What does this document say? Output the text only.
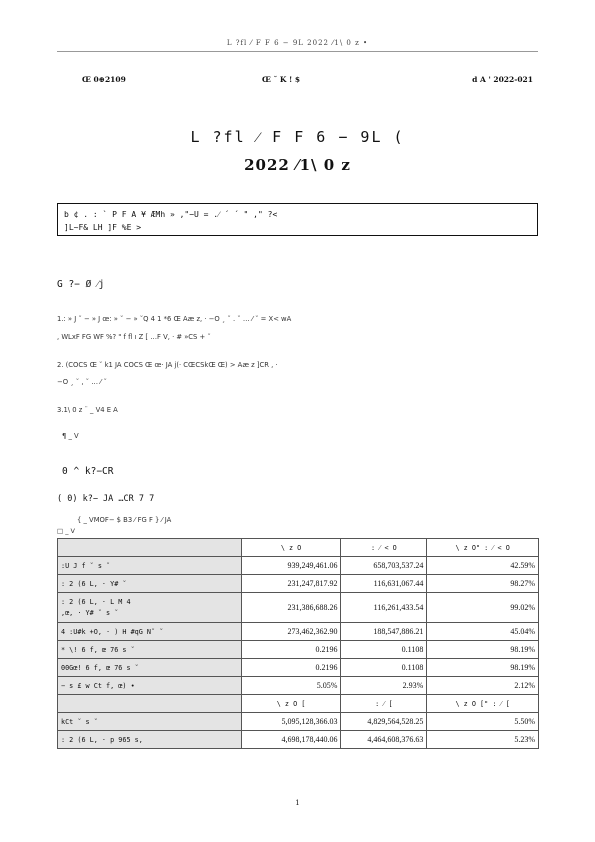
L ?fl ⁄ F F 6 − 9L 2022 ⁄1\ 0 z •
Œ 0⊕2109	Œ ˘ K ! $	d A ' 2022-021
L ?fl ⁄ F F 6 − 9L (
2022 ⁄1\ 0 z
b ¢ . : ` P F A ¥ ÆMh » ,"−U = .⁄ ´ ´ " ," ?<
]L~F& LH ]F %E >
G ?− Ø ⁄j
1.: » J ˘ − » J œ: » ˘ − » ˘Q 4 1 *6 Œ Aæ z, · −O ¸ ˘ . ˘ … ⁄ ˘ = X< wA
, WLxF FG WF %? " f fl ı Z [ …F V, · # »CS + ˘
2. (COCS Œ ˘ k1 JA COCS Œ œ· JA j(· CŒCSkŒ Œ) > Aæ z ]CR , ·
−O ¸ ˘ , ˘ … ⁄ ˘
3.1\ 0 z ¨ _ V4 E A
¶ _ V
0 ^ k?−CR
( 0) k?− JA …CR 7 7
{ _ VMOF− $ B3 ⁄ FG F } ⁄ JA
□ _ V
	\ z O	: ⁄ < O	\ z O" : ⁄ < O
:U J f ˘ s ˘	939,249,461.06	658,703,537.24	42.59%
: 2 (6 L, · Y# ˘	231,247,817.92	116,631,067.44	98.27%

: 2 (6 L, · L M 4
,œ, · Y# ˘ s ˘	231,386,688.26	116,261,433.54	99.02%
4 :U#k +O, · ) H #qG N˘ ˘	273,462,362.90	188,547,886.21	45.04%
* \! 6 f, œ 76 s ˘	0.2196	0.1108	98.19%
00Gœ! 6 f, œ 76 s ˘	0.2196	0.1108	98.19%
− s £ w Ct f, œ) •	5.05%	2.93%	2.12%
	\ z O [	: ⁄ [	\ z O [" : ⁄ [
kCt ˘ s ˘	5,095,128,366.03	4,829,564,528.25	5.50%
: 2 (6 L, · p 965 s,	4,698,178,440.06	4,464,608,376.63	5.23%
1
